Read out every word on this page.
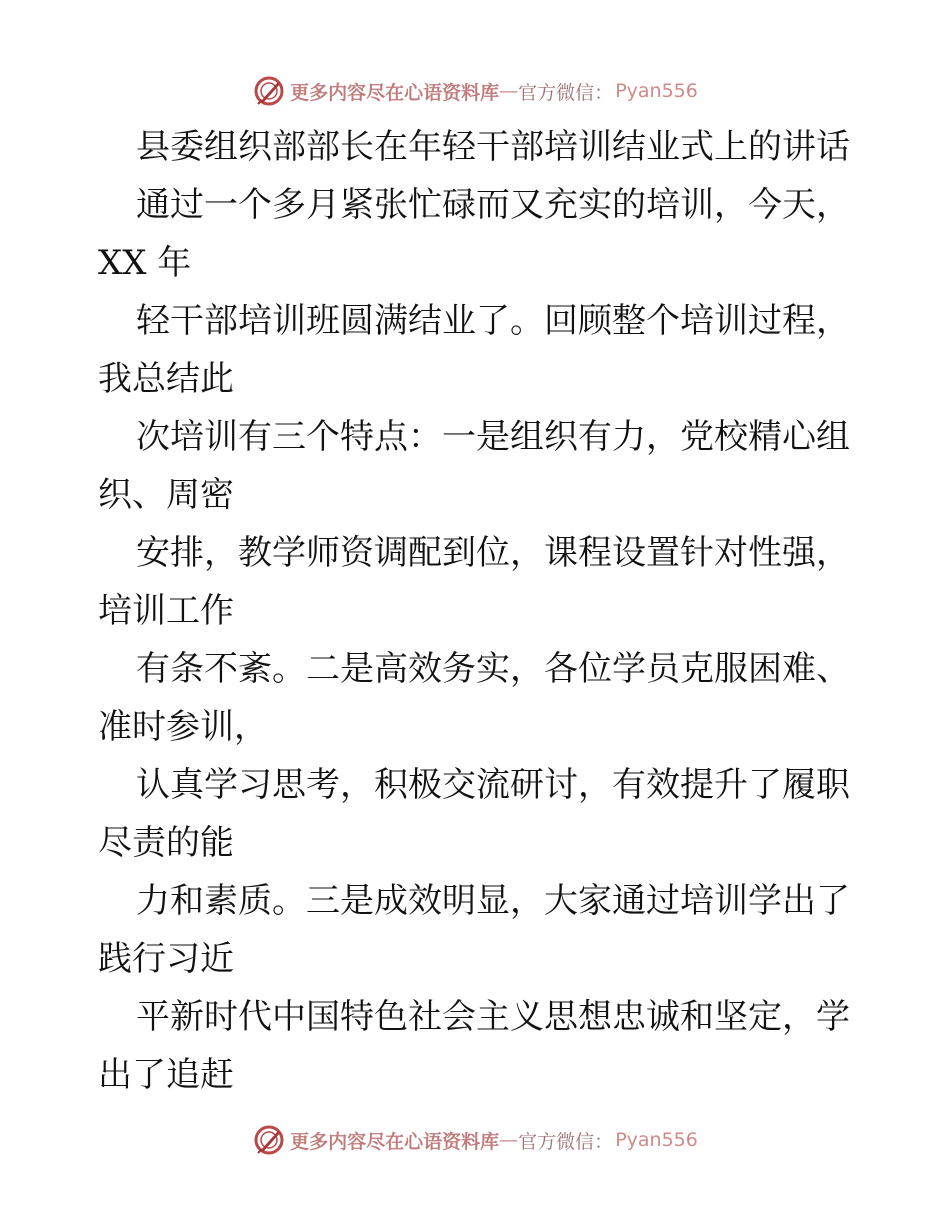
更多内容尽在心语资料库 — 官方微信： Pyan556
县委组织部部长在年轻干部培训结业式上的讲话
通过一个多月紧张忙碌而又充实的培训，今天，
XX 年
轻干部培训班圆满结业了。回顾整个培训过程，
我总结此
次培训有三个特点：一是组织有力，党校精心组
织、周密
安排，教学师资调配到位，课程设置针对性强，
培训工作
有条不紊。二是高效务实，各位学员克服困难、
准时参训，
认真学习思考，积极交流研讨，有效提升了履职
尽责的能
力和素质。三是成效明显，大家通过培训学出了
践行习近
平新时代中国特色社会主义思想忠诚和坚定，学
出了追赶
更多内容尽在心语资料库 — 官方微信： Pyan556
